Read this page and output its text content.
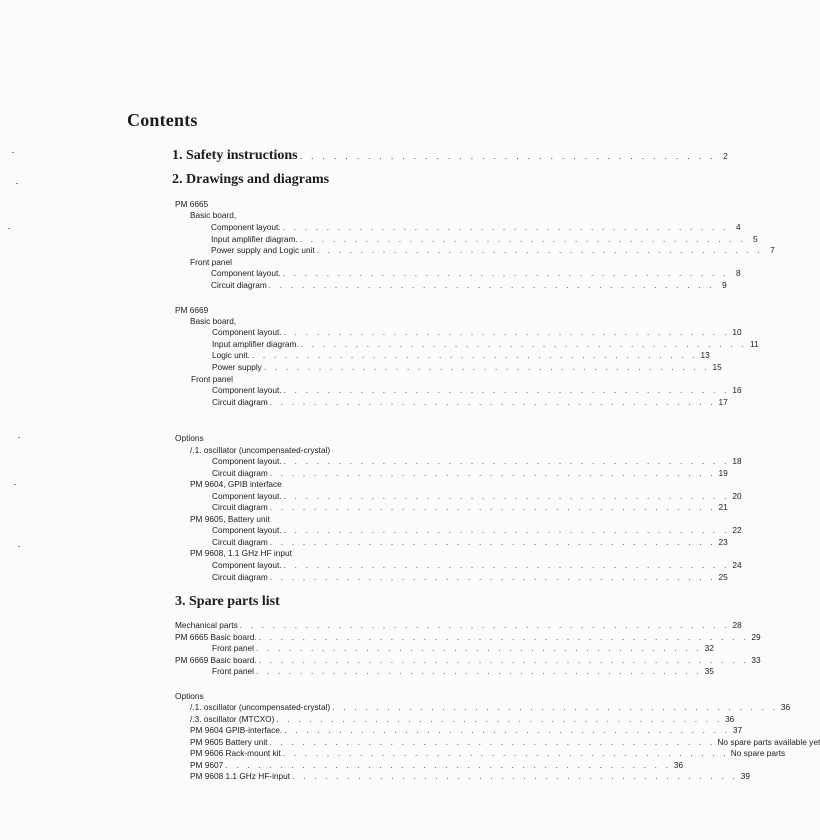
Contents
1. Safety instructions . . . . . . . . . . . . . . . . . . . . . . . . . . . . . . . . . . . . . 2
2. Drawings and diagrams
PM 6665
Basic board,
Component layout. . . . . . . . . . . . . . . . . . . . . . . . . . . . . . . . . . . . . . . . . . 4
Input amplifier diagram. . . . . . . . . . . . . . . . . . . . . . . . . . . . . . . . . . . . . . . . . . 5
Power supply and Logic unit . . . . . . . . . . . . . . . . . . . . . . . . . . . . . . . . . . . . . . . . . 7
Front panel
Component layout. . . . . . . . . . . . . . . . . . . . . . . . . . . . . . . . . . . . . . . . . . 8
Circuit diagram . . . . . . . . . . . . . . . . . . . . . . . . . . . . . . . . . . . . . . . . . 9
PM 6669
Basic board,
Component layout. . . . . . . . . . . . . . . . . . . . . . . . . . . . . . . . . . . . . . . . . . 10
Input amplifier diagram. . . . . . . . . . . . . . . . . . . . . . . . . . . . . . . . . . . . . . . . . . 11
Logic unit. . . . . . . . . . . . . . . . . . . . . . . . . . . . . . . . . . . . . . . . . . 13
Power supply . . . . . . . . . . . . . . . . . . . . . . . . . . . . . . . . . . . . . . . . . 15
Front panel
Component layout. . . . . . . . . . . . . . . . . . . . . . . . . . . . . . . . . . . . . . . . . . 16
Circuit diagram . . . . . . . . . . . . . . . . . . . . . . . . . . . . . . . . . . . . . . . . . 17
Options
/.1. oscillator (uncompensated-crystal)
Component layout. . . . . . . . . . . . . . . . . . . . . . . . . . . . . . . . . . . . . . . . . . 18
Circuit diagram . . . . . . . . . . . . . . . . . . . . . . . . . . . . . . . . . . . . . . . . . 19
PM 9604, GPIB interface
Component layout. . . . . . . . . . . . . . . . . . . . . . . . . . . . . . . . . . . . . . . . . . 20
Circuit diagram . . . . . . . . . . . . . . . . . . . . . . . . . . . . . . . . . . . . . . . . . 21
PM 9605, Battery unit
Component layout. . . . . . . . . . . . . . . . . . . . . . . . . . . . . . . . . . . . . . . . . . 22
Circuit diagram . . . . . . . . . . . . . . . . . . . . . . . . . . . . . . . . . . . . . . . . . 23
PM 9608, 1.1 GHz HF input
Component layout. . . . . . . . . . . . . . . . . . . . . . . . . . . . . . . . . . . . . . . . . . 24
Circuit diagram . . . . . . . . . . . . . . . . . . . . . . . . . . . . . . . . . . . . . . . . . 25
3. Spare parts list
Mechanical parts . . . . . . . . . . . . . . . . . . . . . . . . . . . . . . . . . . . . . . . . . . . . . 28
PM 6665 Basic board. . . . . . . . . . . . . . . . . . . . . . . . . . . . . . . . . . . . . . . . . . . . . . 29
Front panel . . . . . . . . . . . . . . . . . . . . . . . . . . . . . . . . . . . . . . . . . 32
PM 6669 Basic board. . . . . . . . . . . . . . . . . . . . . . . . . . . . . . . . . . . . . . . . . . . . . . 33
Front panel . . . . . . . . . . . . . . . . . . . . . . . . . . . . . . . . . . . . . . . . . 35
Options
/.1. oscillator (uncompensated-crystal) . . . . . . . . . . . . . . . . . . . . . . . . . . . . . . . . . . . . . . . . . 36
/.3. oscillator (MTCXO) . . . . . . . . . . . . . . . . . . . . . . . . . . . . . . . . . . . . . . . . . 36
PM 9604 GPIB-interface. . . . . . . . . . . . . . . . . . . . . . . . . . . . . . . . . . . . . . . . . . 37
PM 9605 Battery unit . . . . . . . . . . . . . . . . . . . . . . . . . . . . . . . . . . . . . . . . . No spare parts available yet
PM 9606 Rack-mount kit . . . . . . . . . . . . . . . . . . . . . . . . . . . . . . . . . . . . . . . . . No spare parts
PM 9607 . . . . . . . . . . . . . . . . . . . . . . . . . . . . . . . . . . . . . . . . . 36
PM 9608 1.1 GHz HF-input . . . . . . . . . . . . . . . . . . . . . . . . . . . . . . . . . . . . . . . . . 39
